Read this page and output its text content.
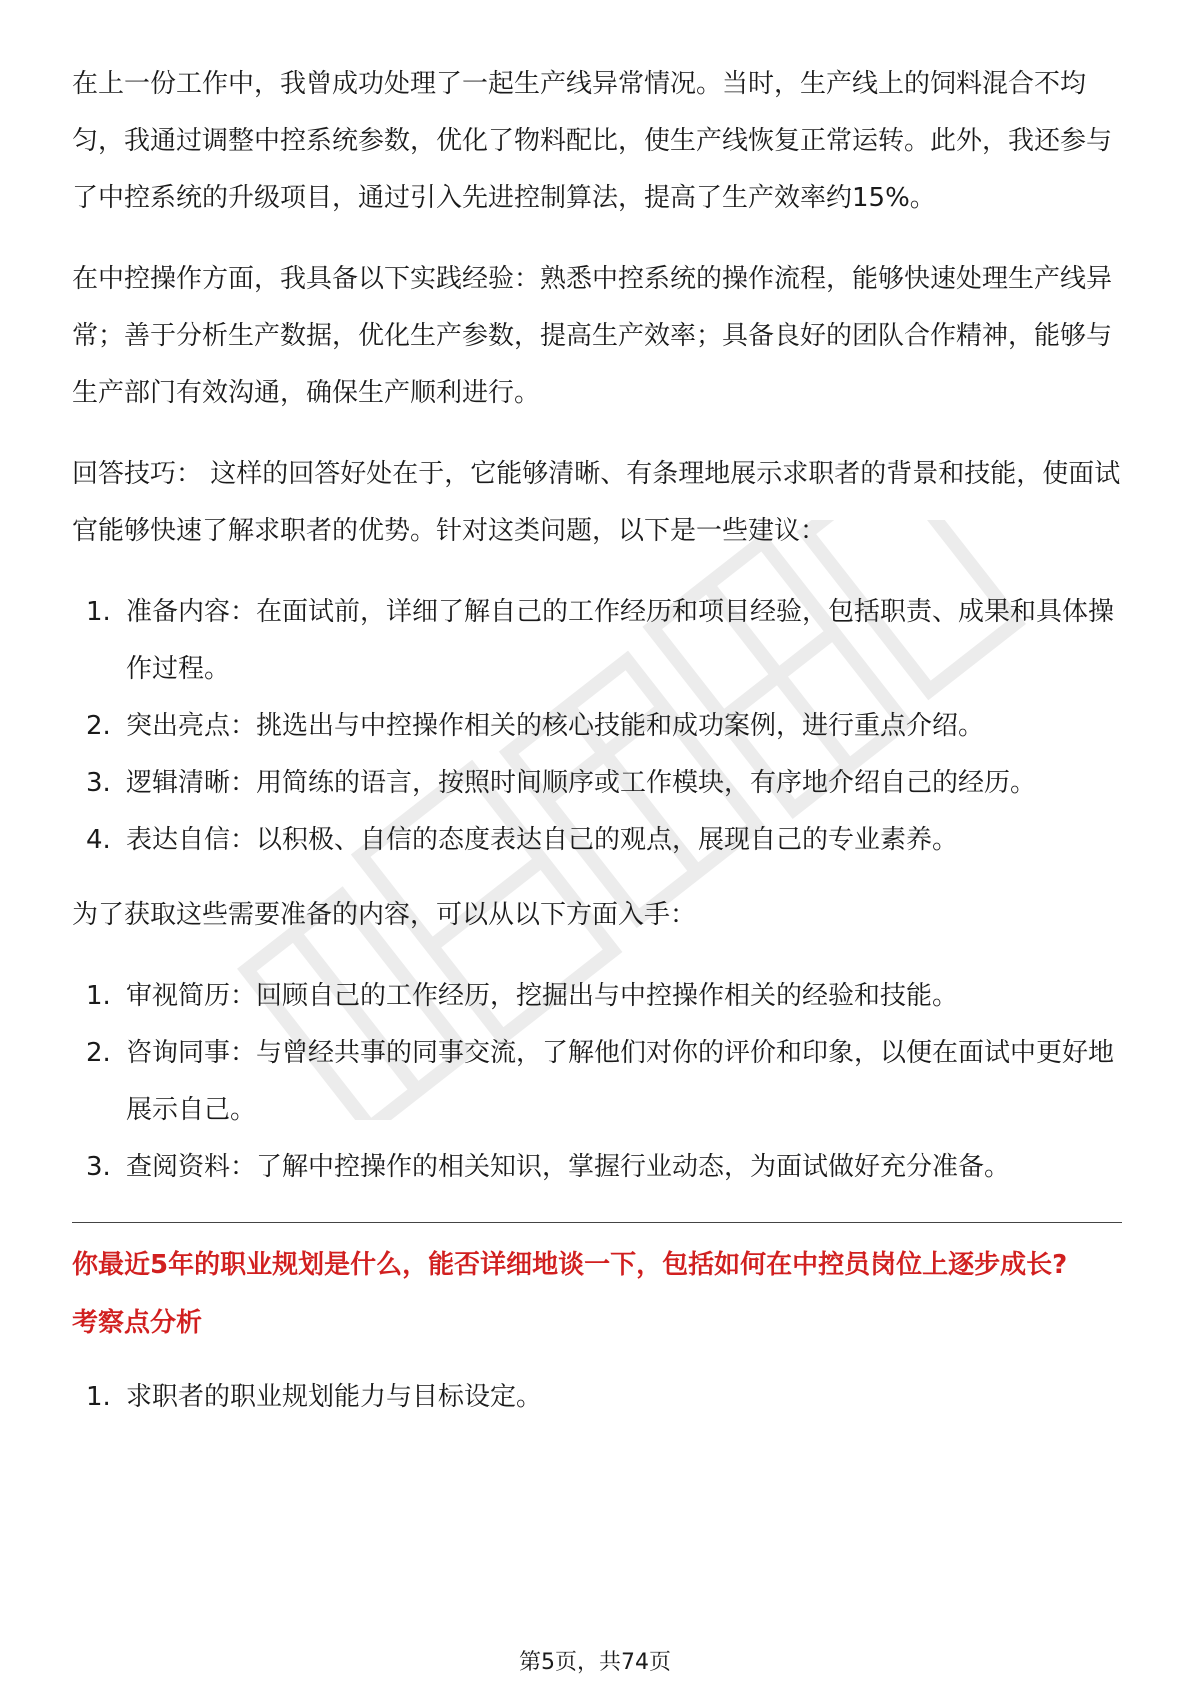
在上一份工作中，我曾成功处理了一起生产线异常情况。当时，生产线上的饲料混合不均匀，我通过调整中控系统参数，优化了物料配比，使生产线恢复正常运转。此外，我还参与了中控系统的升级项目，通过引入先进控制算法，提高了生产效率约15%。

在中控操作方面，我具备以下实践经验：熟悉中控系统的操作流程，能够快速处理生产线异常；善于分析生产数据，优化生产参数，提高生产效率；具备良好的团队合作精神，能够与生产部门有效沟通，确保生产顺利进行。

回答技巧： 这样的回答好处在于，它能够清晰、有条理地展示求职者的背景和技能，使面试官能够快速了解求职者的优势。针对这类问题，以下是一些建议：

1. 准备内容：在面试前，详细了解自己的工作经历和项目经验，包括职责、成果和具体操作过程。
2. 突出亮点：挑选出与中控操作相关的核心技能和成功案例，进行重点介绍。
3. 逻辑清晰：用简练的语言，按照时间顺序或工作模块，有序地介绍自己的经历。
4. 表达自信：以积极、自信的态度表达自己的观点，展现自己的专业素养。

为了获取这些需要准备的内容，可以从以下方面入手：

1. 审视简历：回顾自己的工作经历，挖掘出与中控操作相关的经验和技能。
2. 咨询同事：与曾经共事的同事交流，了解他们对你的评价和印象，以便在面试中更好地展示自己。
3. 查阅资料：了解中控操作的相关知识，掌握行业动态，为面试做好充分准备。
你最近5年的职业规划是什么，能否详细地谈一下，包括如何在中控员岗位上逐步成长?
考察点分析
1. 求职者的职业规划能力与目标设定。
第5页，共74页
